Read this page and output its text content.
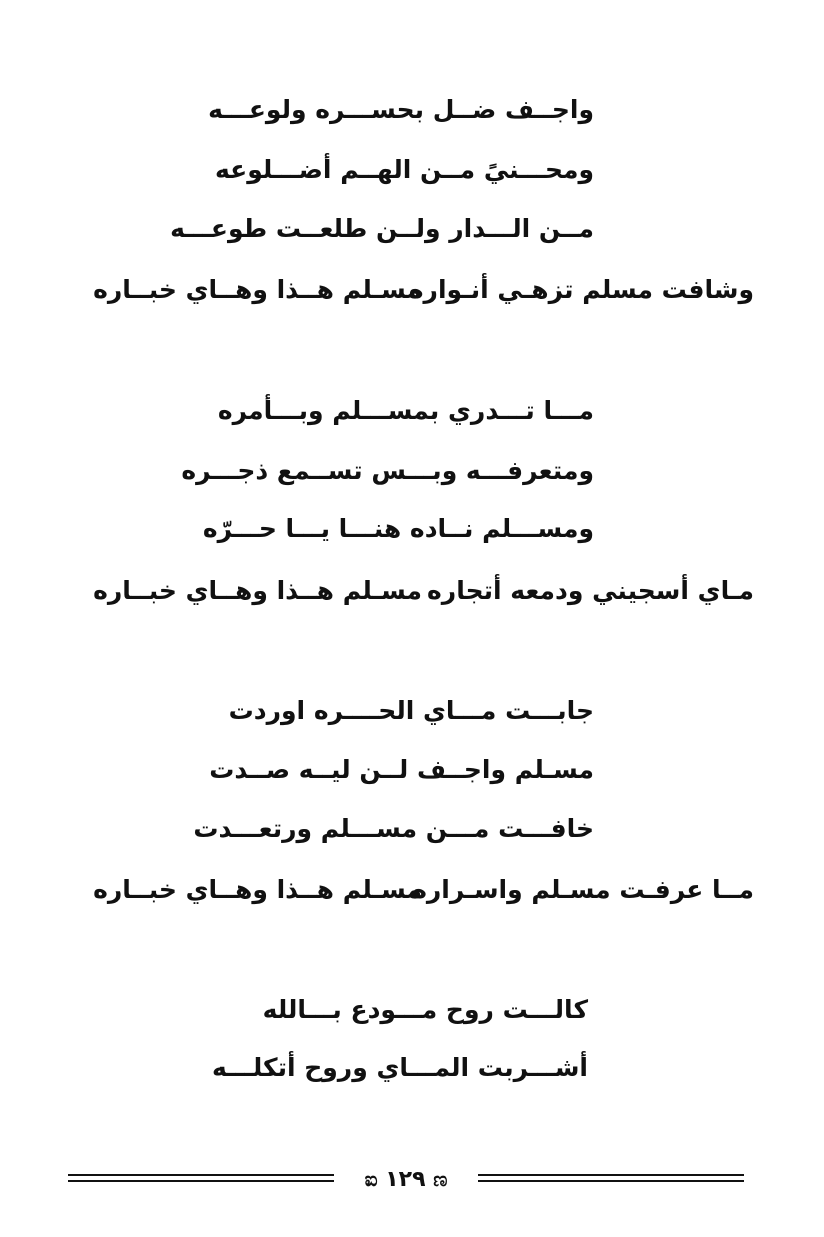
واجــف ضــل بحســـره ولوعـــه
ومحـــنيً مــن الهــم أضـــلوعه
مــن الـــدار ولــن طلعــت طوعـــه
وشافت مسلم تزهـي أنـواره
مسـلم هــذا وهــاي خبــاره
مـــا تـــدري بمســـلم وبـــأمره
ومتعرفـــه وبـــس تســمع ذجـــره
ومســـلم نــاده هنـــا يـــا حـــرّه
مـاي أسجيني ودمعه أتجاره
مسـلم هــذا وهــاي خبــاره
جابـــت مـــاي الحــــره اوردت
مسـلم واجــف لــن ليــه صــدت
خافـــت مـــن مســـلم ورتعـــدت
مــا عرفـت مسـلم واسـراره
مسـلم هــذا وهــاي خبــاره
كالـــت روح مـــودع بـــالله
أشـــربت المـــاي وروح أتكلـــه
ಣ ١٢٩ ಐ
